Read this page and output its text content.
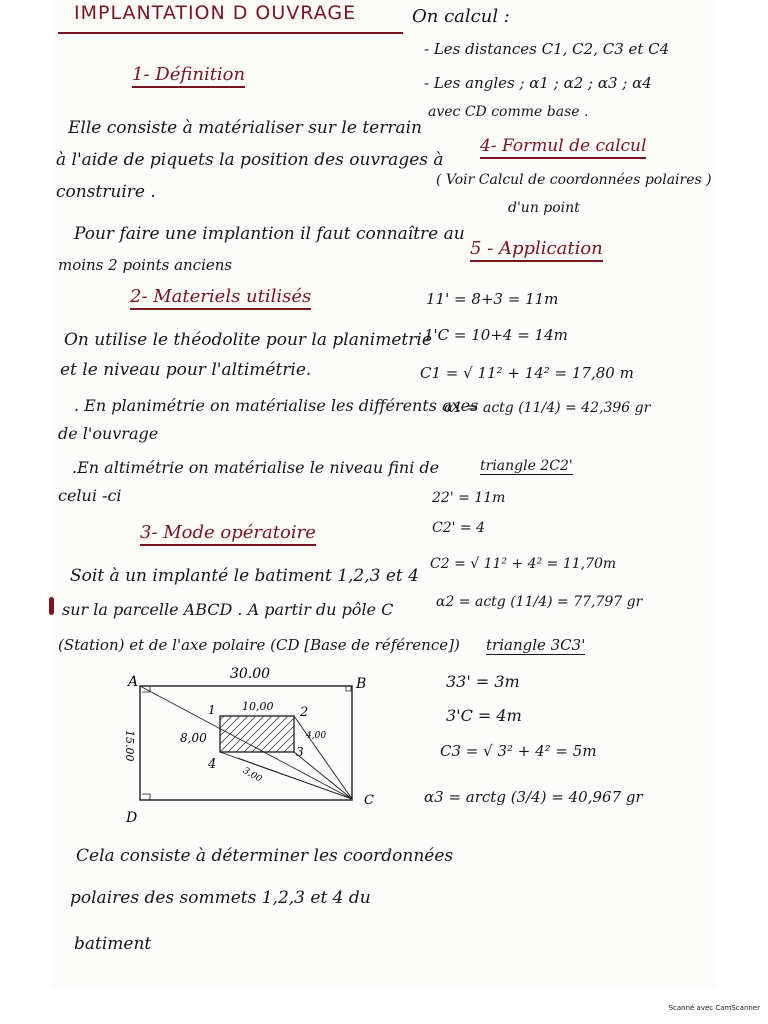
IMPLANTATION D OUVRAGE
1- Définition
Elle consiste à matérialiser sur le terrain
à l'aide de piquets la position des ouvrages à
construire .
Pour faire une implantion il faut connaître au
moins 2 points anciens
2- Materiels utilisés
On utilise le théodolite pour la planimetrie
et le niveau pour l'altimétrie.
. En planimétrie on matérialise les différents axes
de l'ouvrage
.En altimétrie on matérialise le niveau fini de
celui -ci
3- Mode opératoire
Soit à un implanté le batiment 1,2,3 et 4
sur la parcelle ABCD . A partir du pôle C
(Station) et de l'axe polaire (CD [Base de référence])
30.00
A	B
C
D
15.00
10,00
8,00
1	2
3
4
4,00
3,00
Cela consiste à déterminer les coordonnées
polaires des sommets 1,2,3 et 4 du
batiment
On calcul :
- Les distances C1, C2, C3 et C4
- Les angles ; α1 ; α2 ; α3 ; α4
avec CD comme base .
4- Formul de calcul
( Voir Calcul de coordonnées polaires )
d'un point
5 - Application
11' = 8+3 = 11m
1'C = 10+4 = 14m
C1 = √ 11² + 14² = 17,80 m
α1 = actg (11/4) = 42,396 gr
triangle 2C2'
22' = 11m
C2' = 4
C2 = √ 11² + 4² = 11,70m
α2 = actg (11/4) = 77,797 gr
triangle 3C3'
33' = 3m
3'C = 4m
C3 = √ 3² + 4² = 5m
α3 = arctg (3/4) = 40,967 gr
Scanné avec CamScanner
